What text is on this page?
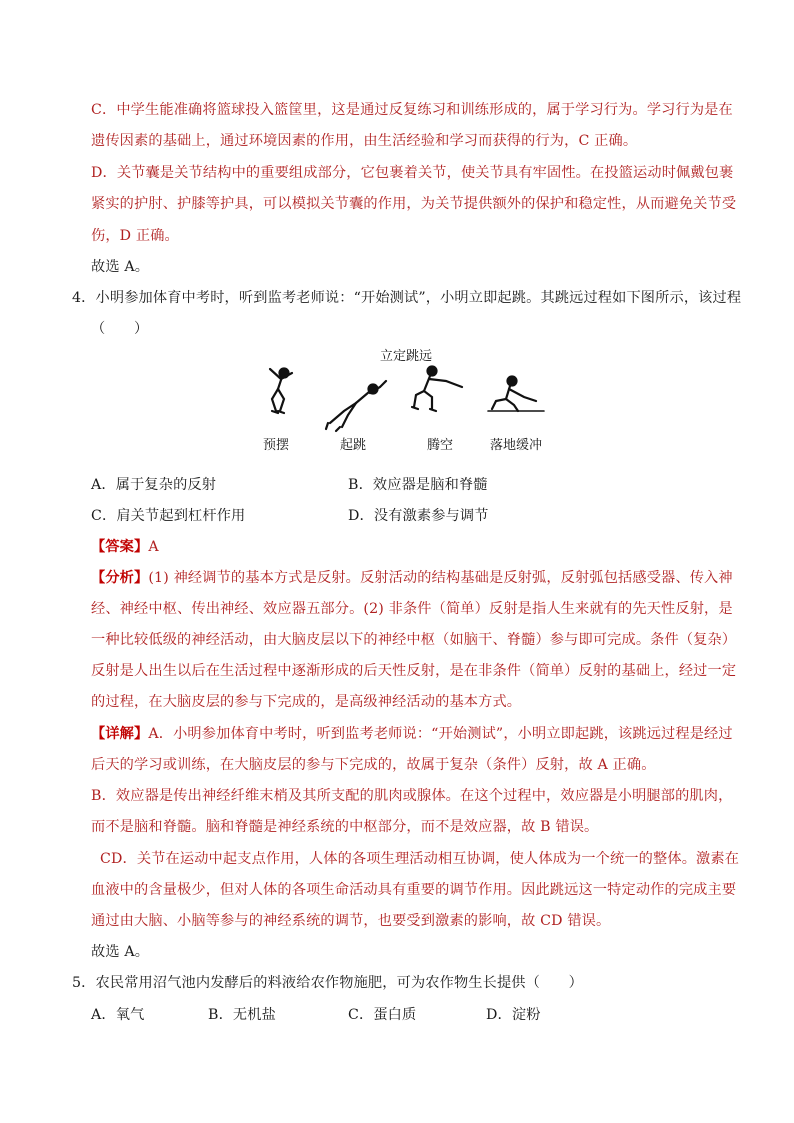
C．中学生能准确将篮球投入篮筐里，这是通过反复练习和训练形成的，属于学习行为。学习行为是在
遗传因素的基础上，通过环境因素的作用，由生活经验和学习而获得的行为，C 正确。
D．关节囊是关节结构中的重要组成部分，它包裹着关节，使关节具有牢固性。在投篮运动时佩戴包裹
紧实的护肘、护膝等护具，可以模拟关节囊的作用，为关节提供额外的保护和稳定性，从而避免关节受
伤，D 正确。
故选 A。
4．小明参加体育中考时，听到监考老师说：“开始测试”，小明立即起跳。其跳远过程如下图所示，该过程
（　　）
立定跳远
预摆	起跳	腾空	落地缓冲
A．属于复杂的反射	B．效应器是脑和脊髓
C．肩关节起到杠杆作用	D．没有激素参与调节
【答案】A
【分析】(1) 神经调节的基本方式是反射。反射活动的结构基础是反射弧，反射弧包括感受器、传入神
经、神经中枢、传出神经、效应器五部分。(2) 非条件（简单）反射是指人生来就有的先天性反射，是
一种比较低级的神经活动，由大脑皮层以下的神经中枢（如脑干、脊髓）参与即可完成。条件（复杂）
反射是人出生以后在生活过程中逐渐形成的后天性反射，是在非条件（简单）反射的基础上，经过一定
的过程，在大脑皮层的参与下完成的，是高级神经活动的基本方式。
【详解】A．小明参加体育中考时，听到监考老师说：“开始测试”，小明立即起跳，该跳远过程是经过
后天的学习或训练，在大脑皮层的参与下完成的，故属于复杂（条件）反射，故 A 正确。
B．效应器是传出神经纤维末梢及其所支配的肌肉或腺体。在这个过程中，效应器是小明腿部的肌肉，
而不是脑和脊髓。脑和脊髓是神经系统的中枢部分，而不是效应器，故 B 错误。
CD．关节在运动中起支点作用，人体的各项生理活动相互协调，使人体成为一个统一的整体。激素在
血液中的含量极少，但对人体的各项生命活动具有重要的调节作用。因此跳远这一特定动作的完成主要
通过由大脑、小脑等参与的神经系统的调节，也要受到激素的影响，故 CD 错误。
故选 A。
5．农民常用沼气池内发酵后的料液给农作物施肥，可为农作物生长提供（　　）
A．氧气	B．无机盐	C．蛋白质	D．淀粉
